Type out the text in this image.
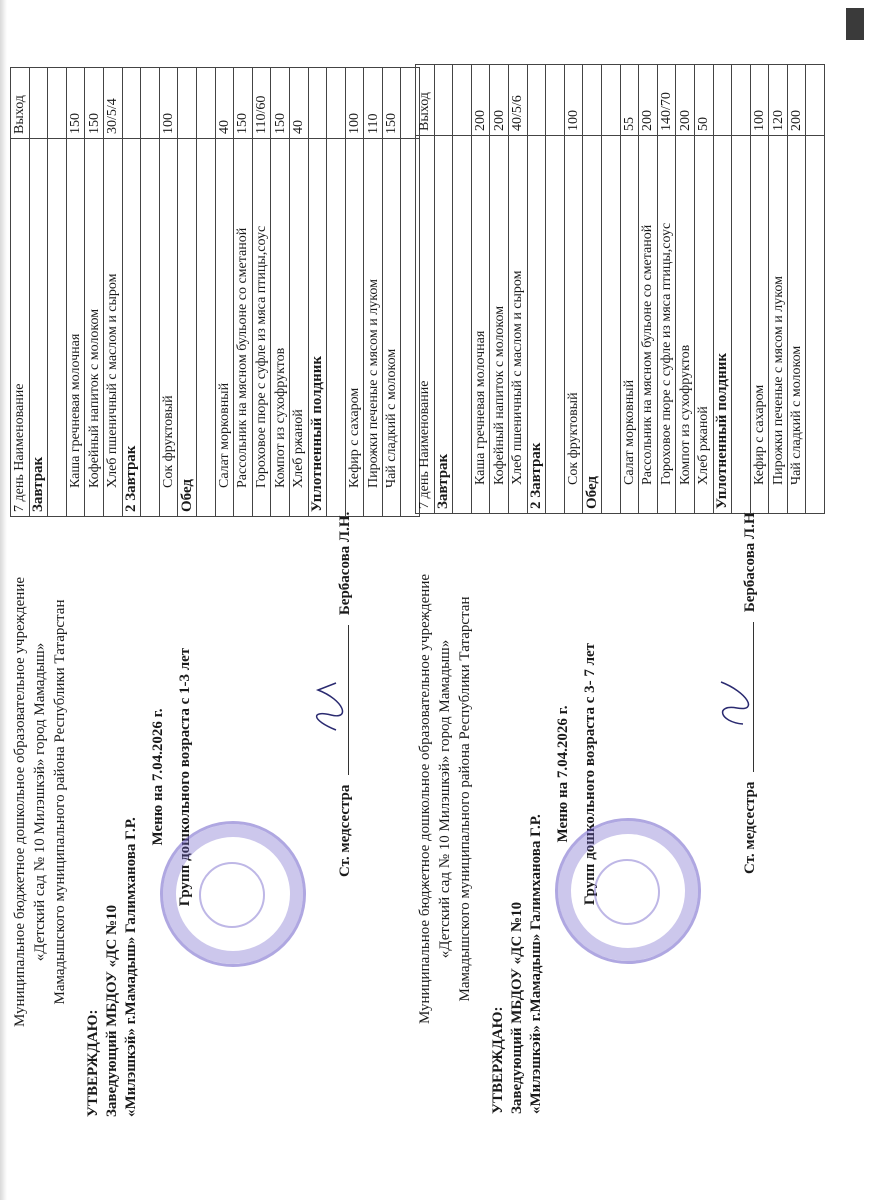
Муниципальное бюджетное дошкольное образовательное учреждение «Детский сад № 10 Милэшкэй» город Мамадыш» Мамадышского муниципального района Республики Татарстан
УТВЕРЖДАЮ: Заведующий МБДОУ «ДС №10 «Милэшкэй» г.Мамадыш» Галимханова Г.Р.
Меню на 7.04.2026 г. Групп дошкольного возраста с 1-3 лет
7 день Наименование	Выход
Завтрак	

Каша гречневая молочная	150
Кофейный напиток с молоком	150
Хлеб пшеничный с маслом и сыром	30/5/4
2 Завтрак	

Сок фруктовый	100
Обед	

Салат морковный	40
Рассольник на мясном бульоне со сметаной	150
Гороховое пюре с суфле из мяса птицы,соус	110/60
Компот из сухофруктов	150
Хлеб ржаной	40
Уплотненный полдник	

Кефир с сахаром	100
Пирожки печеные с мясом и луком	110
Чай сладкий с молоком	150

Ст. медсестра
Бербасова Л.Н.
Муниципальное бюджетное дошкольное образовательное учреждение «Детский сад № 10 Милэшкэй» город Мамадыш» Мамадышского муниципального района Республики Татарстан
УТВЕРЖДАЮ: Заведующий МБДОУ «ДС №10 «Милэшкэй» г.Мамадыш» Галимханова Г.Р.
Меню на 7.04.2026 г. Групп дошкольного возраста с 3- 7 лет
7 день Наименование	Выход
Завтрак	

Каша гречневая молочная	200
Кофейный напиток с молоком	200
Хлеб пшеничный с маслом и сыром	40/5/6
2 Завтрак	

Сок фруктовый	100
Обед	

Салат морковный	55
Рассольник на мясном бульоне со сметаной	200
Гороховое пюре с суфле из мяса птицы,соус	140/70
Компот из сухофруктов	200
Хлеб ржаной	50
Уплотненный полдник	

Кефир с сахаром	100
Пирожки печеные с мясом и луком	120
Чай сладкий с молоком	200

Ст. медсестра
Бербасова Л.Н
